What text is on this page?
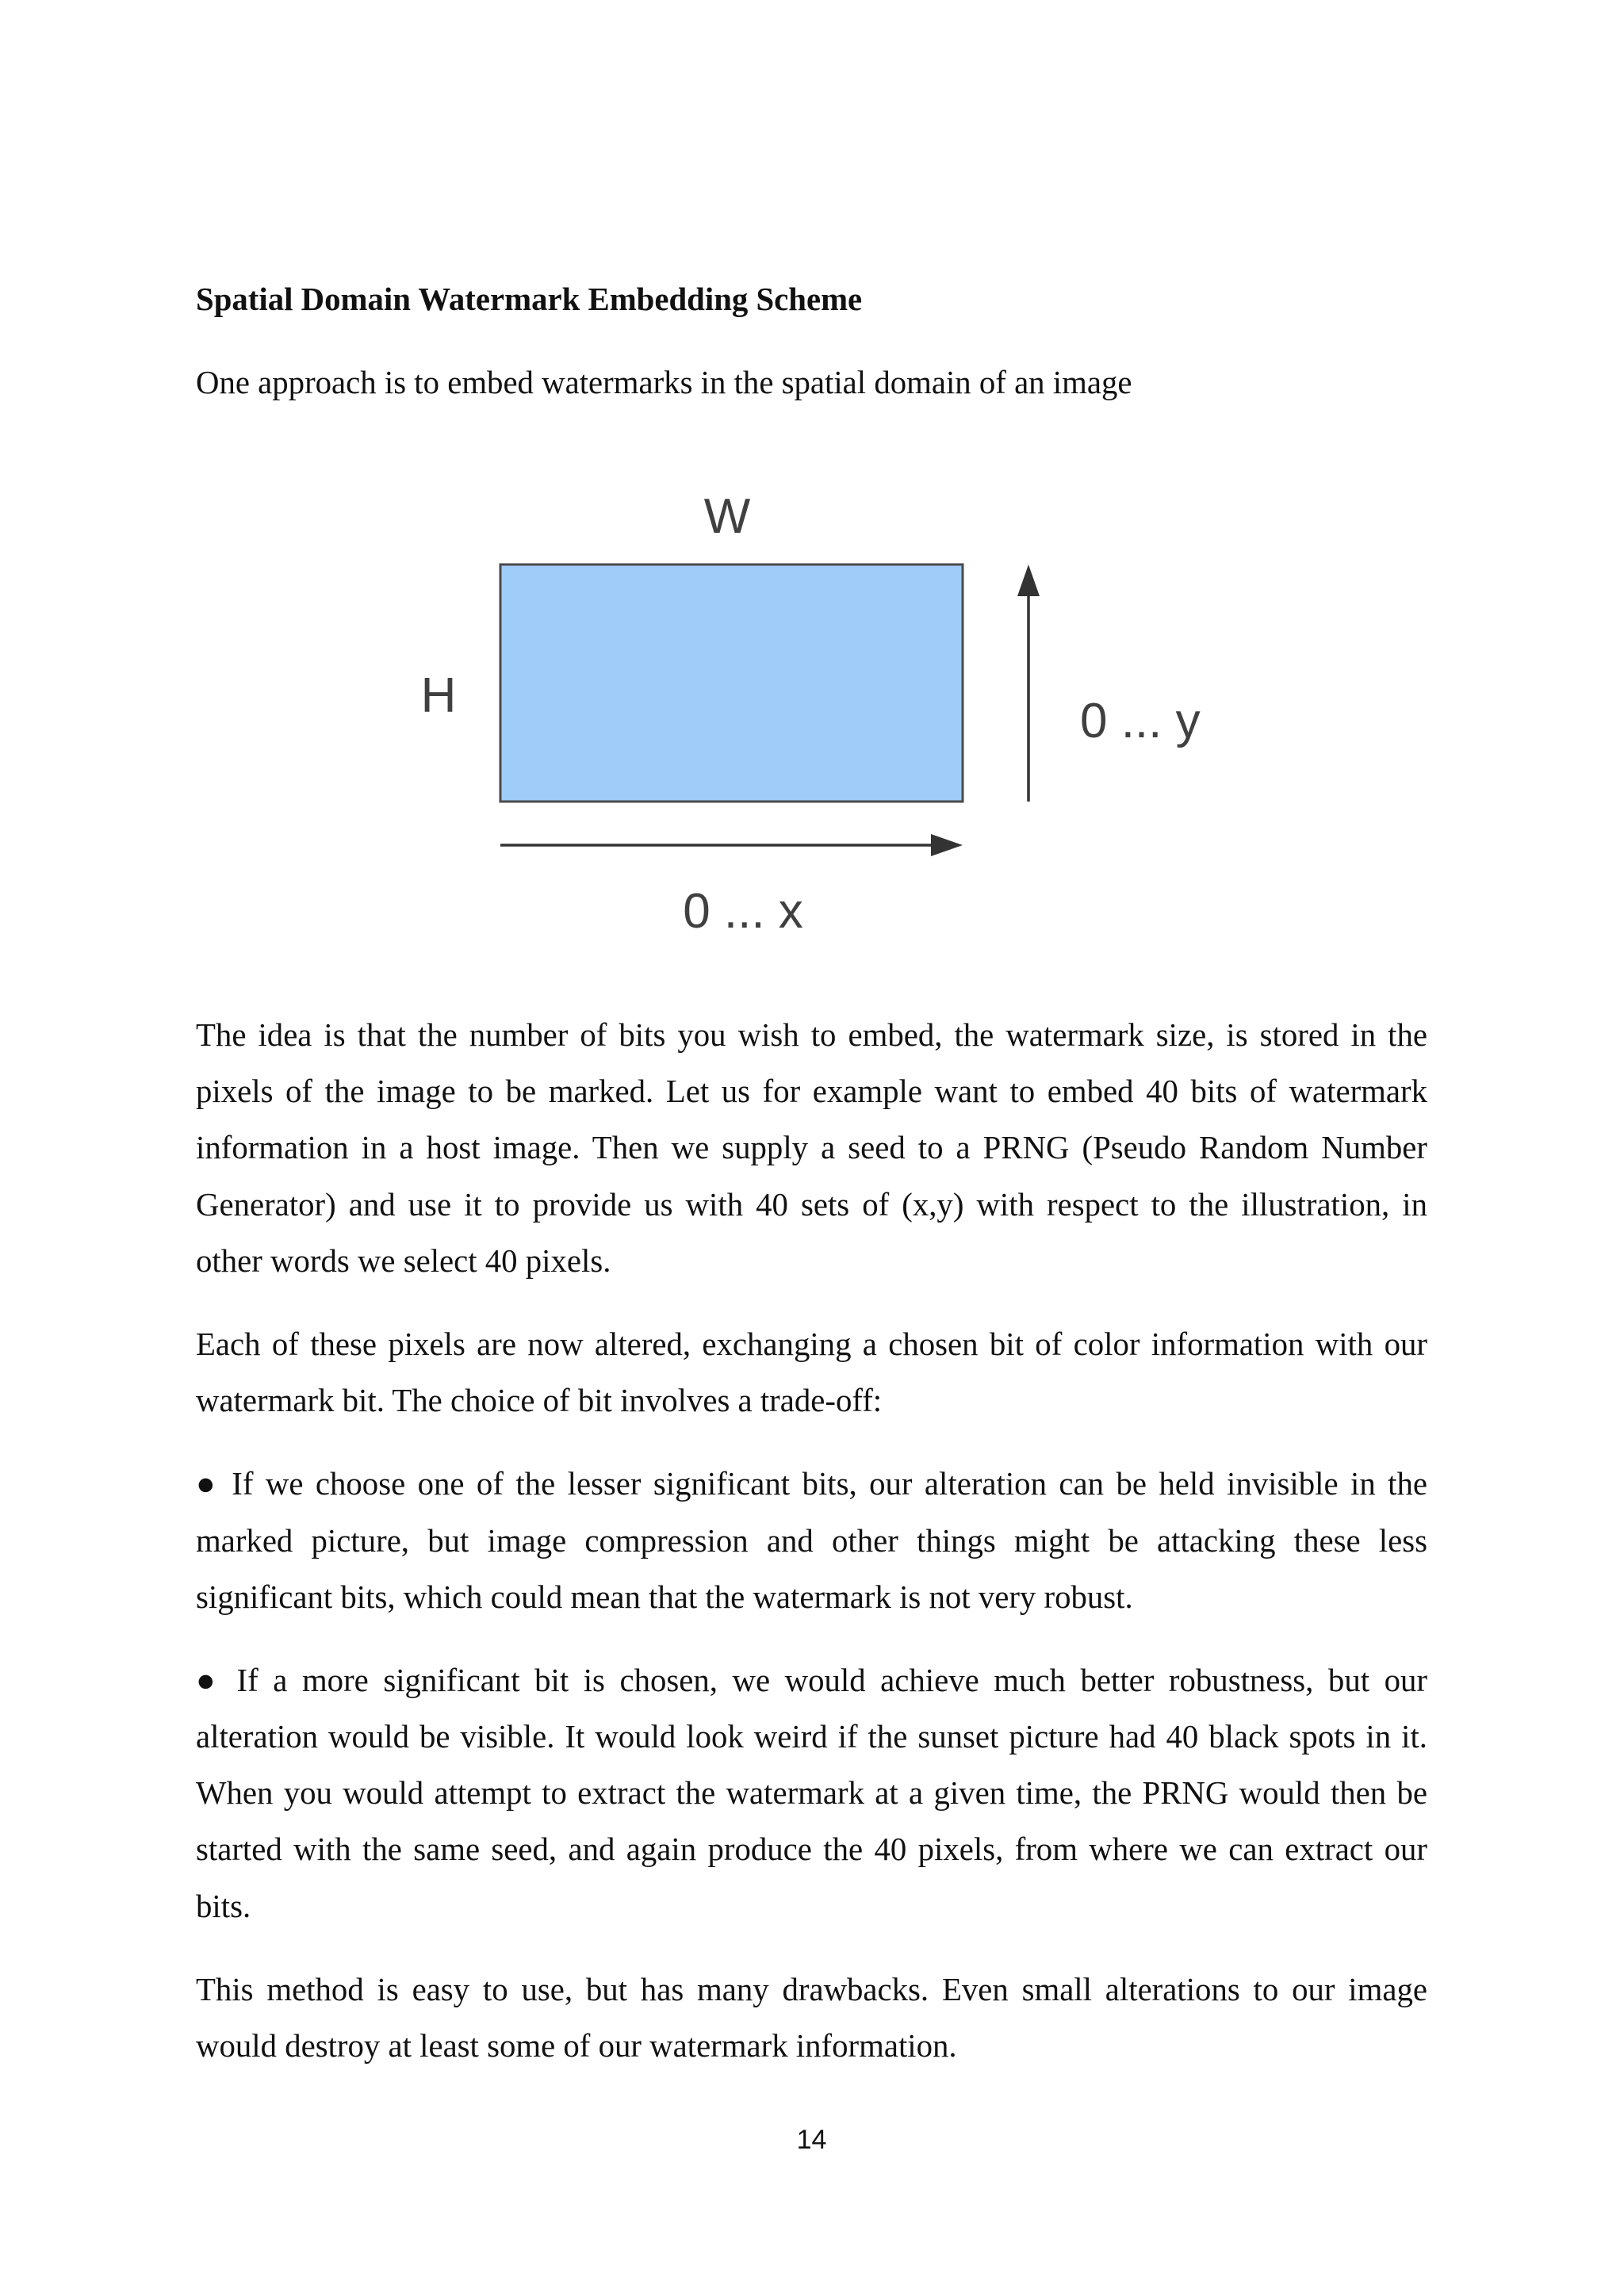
Spatial Domain Watermark Embedding Scheme
One approach is to embed watermarks in the spatial domain of an image
W
H	0 ... y
0 ... x
The idea is that the number of bits you wish to embed, the watermark size, is stored in the
pixels of the image to be marked. Let us for example want to embed 40 bits of watermark
information in a host image. Then we supply a seed to a PRNG (Pseudo Random Number
Generator) and use it to provide us with 40 sets of (x,y) with respect to the illustration, in
other words we select 40 pixels.
Each of these pixels are now altered, exchanging a chosen bit of color information with our
watermark bit. The choice of bit involves a trade-off:
● If we choose one of the lesser significant bits, our alteration can be held invisible in the
marked picture, but image compression and other things might be attacking these less
significant bits, which could mean that the watermark is not very robust.
● If a more significant bit is chosen, we would achieve much better robustness, but our
alteration would be visible. It would look weird if the sunset picture had 40 black spots in it.
When you would attempt to extract the watermark at a given time, the PRNG would then be
started with the same seed, and again produce the 40 pixels, from where we can extract our
bits.
This method is easy to use, but has many drawbacks. Even small alterations to our image
would destroy at least some of our watermark information.
14
